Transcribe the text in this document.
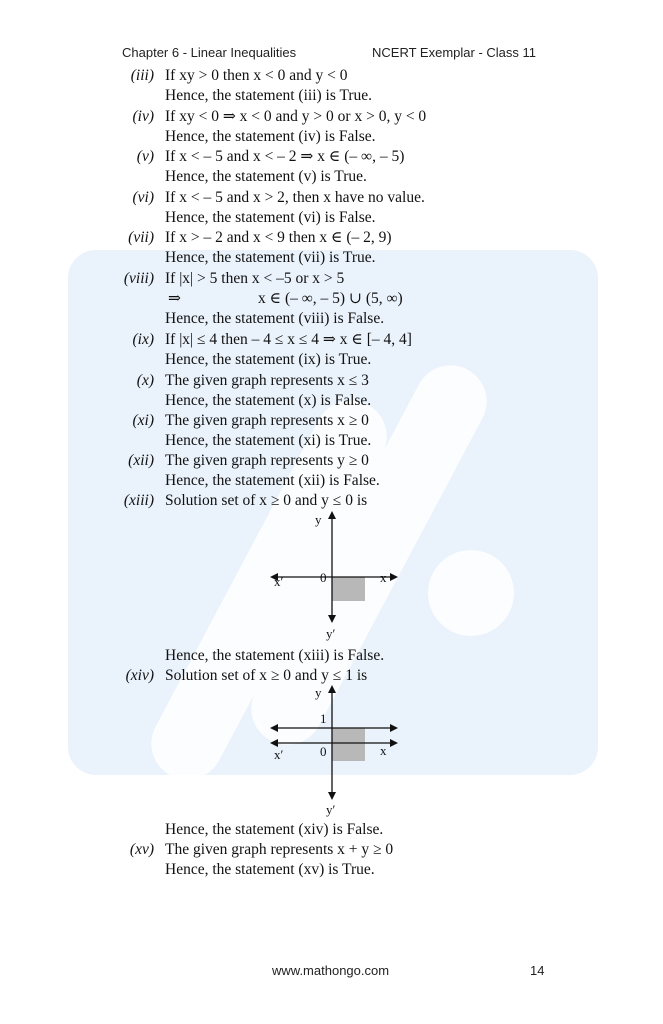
Chapter 6 - Linear Inequalities	NCERT Exemplar - Class 11
(iii) If xy > 0 then x < 0 and y < 0
Hence, the statement (iii) is True.
(iv) If xy < 0 ⇒ x < 0 and y > 0 or x > 0, y < 0
Hence, the statement (iv) is False.
(v) If x < – 5 and x < – 2 ⇒ x ∈ (– ∞, – 5)
Hence, the statement (v) is True.
(vi) If x < – 5 and x > 2, then x have no value.
Hence, the statement (vi) is False.
(vii) If x > – 2 and x < 9 then x ∈ (– 2, 9)
Hence, the statement (vii) is True.
(viii) If |x| > 5 then x < –5 or x > 5
⇒	x ∈ (– ∞, – 5) ∪ (5, ∞)
Hence, the statement (viii) is False.
(ix) If |x| ≤ 4 then – 4 ≤ x ≤ 4 ⇒ x ∈ [– 4, 4]
Hence, the statement (ix) is True.
(x) The given graph represents x ≤ 3
Hence, the statement (x) is False.
(xi) The given graph represents x ≥ 0
Hence, the statement (xi) is True.
(xii) The given graph represents y ≥ 0
Hence, the statement (xii) is False.
(xiii) Solution set of x ≥ 0 and y ≤ 0 is
y
y′
x
x′	0
Hence, the statement (xiii) is False.
(xiv) Solution set of x ≥ 0 and y ≤ 1 is
y
y′
x
x′	0
1
Hence, the statement (xiv) is False.
(xv) The given graph represents x + y ≥ 0
Hence, the statement (xv) is True.
www.mathongo.com	14
